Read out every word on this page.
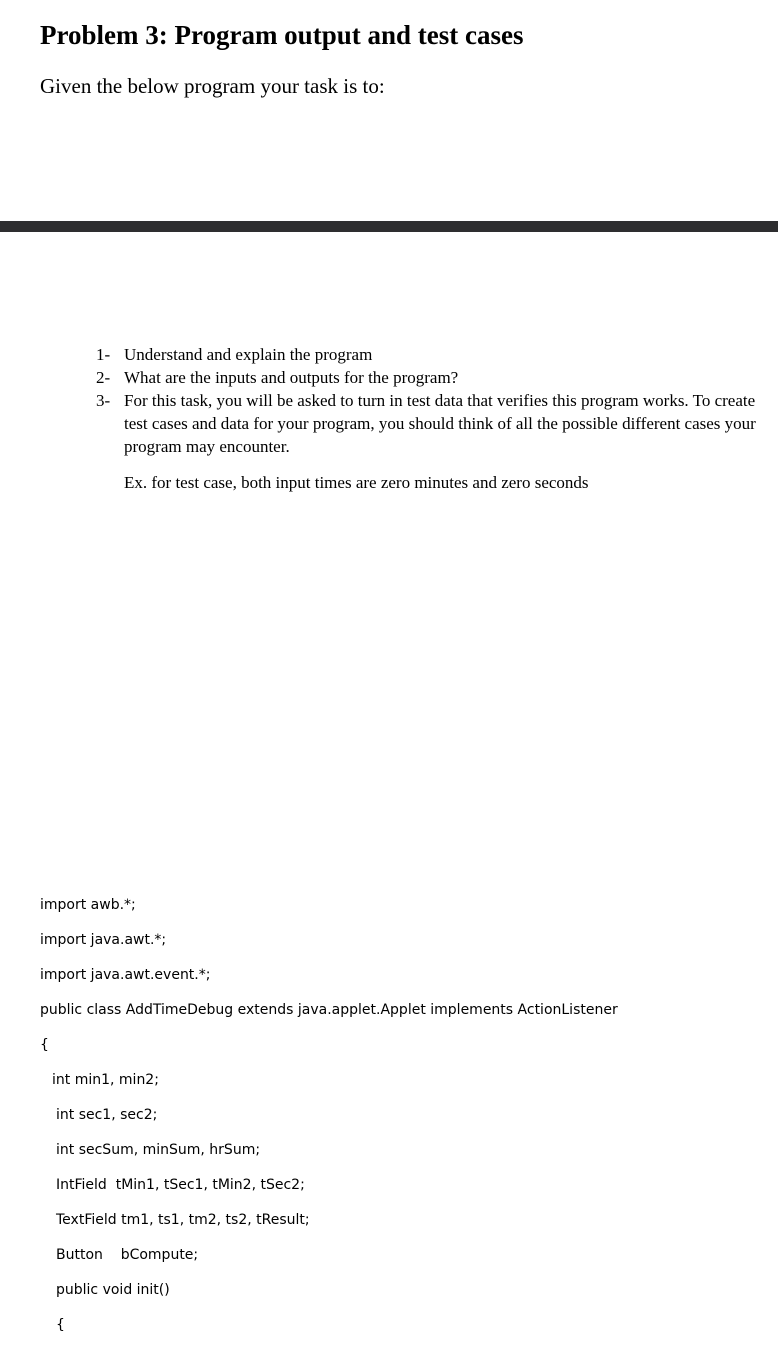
Problem 3: Program output and test cases
Given the below program your task is to:
1- Understand and explain the program
2- What are the inputs and outputs for the program?
3- For this task, you will be asked to turn in test data that verifies this program works. To create test cases and data for your program, you should think of all the possible different cases your program may encounter.
Ex. for test case, both input times are zero minutes and zero seconds
import awb.*;
import java.awt.*;
import java.awt.event.*;
public class AddTimeDebug extends java.applet.Applet implements ActionListener
{
int min1, min2;
int sec1, sec2;
int secSum, minSum, hrSum;
IntField  tMin1, tSec1, tMin2, tSec2;
TextField tm1, ts1, tm2, ts2, tResult;
Button    bCompute;
public void init()
{
